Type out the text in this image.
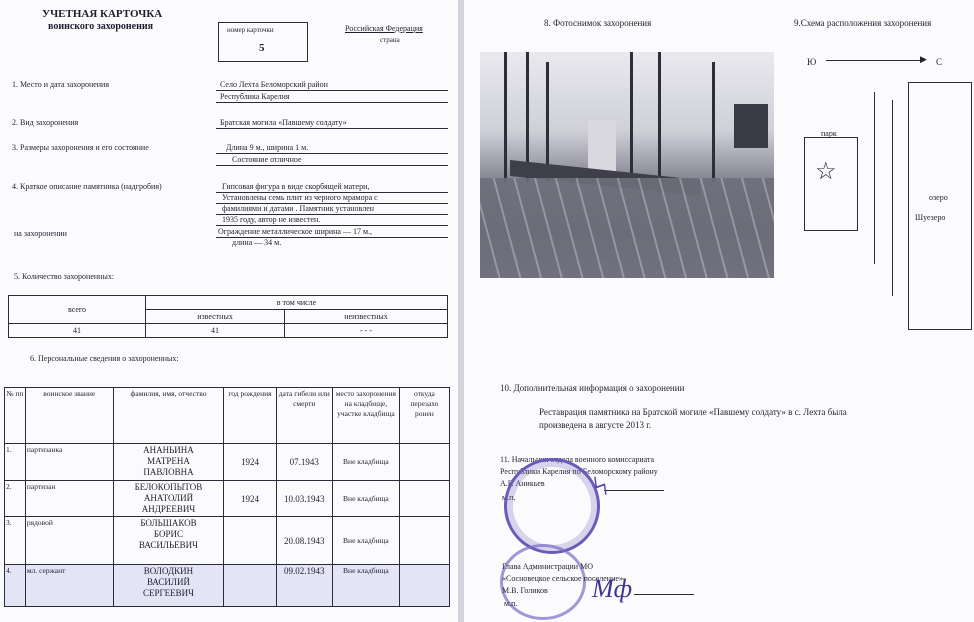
УЧЕТНАЯ КАРТОЧКА
воинского захоронения	номер карточки
5
Российская Федерация
страна
1. Место и дата захоронения	Село Лехта Беломорский район
Республика Карелия
2. Вид захоронения	Братская могила «Павшему солдату»
3. Размеры захоронения и его состояние	Длина 9 м., ширина 1 м.
Состояние отличное
4. Краткое описание памятника (надгробия)	Гипсовая фигура в виде скорбящей матери,
Установлены семь плит из черного мрамора с
фамилиями и датами . Памятник установлен
1935 году, автор не известен.
на захоронении	Ограждение металлическое ширина — 17 м.,
длина — 34 м.
5. Количество захороненных:
всего	в том числе	
	известных	неизвестных
41	41	- - -
6. Персональные сведения о захороненных:
№ пп	воинское звание	фамилия, имя, отчество	год рождения	дата гибели или смерти	место захоронения на кладбище, участке кладбища	откуда перезахо ронен
1.	партизанка	АНАНЬИНА
МАТРЕНА
ПАВЛОВНА	1924	07.1943	Вне кладбища	
2.	партизан	БЕЛОКОПЫТОВ
АНАТОЛИЙ
АНДРЕЕВИЧ	1924	10.03.1943	Вне кладбища	
3.	рядовой	БОЛЬШАКОВ
БОРИС
ВАСИЛЬЕВИЧ		20.08.1943	Вне кладбища	
4.	мл. сержант	ВОЛОДКИН
ВАСИЛИЙ
СЕРГЕЕВИЧ		09.02.1943	Вне кладбища	
8. Фотоснимок захоронения	9.Схема расположения захоронения
Ю	▶ С
парк
☆
озеро
Шуезеро
10. Дополнительная информация о захоронении
Реставрация памятника на Братской могиле «Павшему солдату» в с. Лехта была
произведена в августе 2013 г.
11. Начальник отдела военного комиссариата
Республики Карелия по Беломорскому району
А.Г. Аникьев
м.п. ϟ
Глава Администрации МО
«Сосновецкое сельское поселение»
М.В. Голиков
м.п.
Мф
